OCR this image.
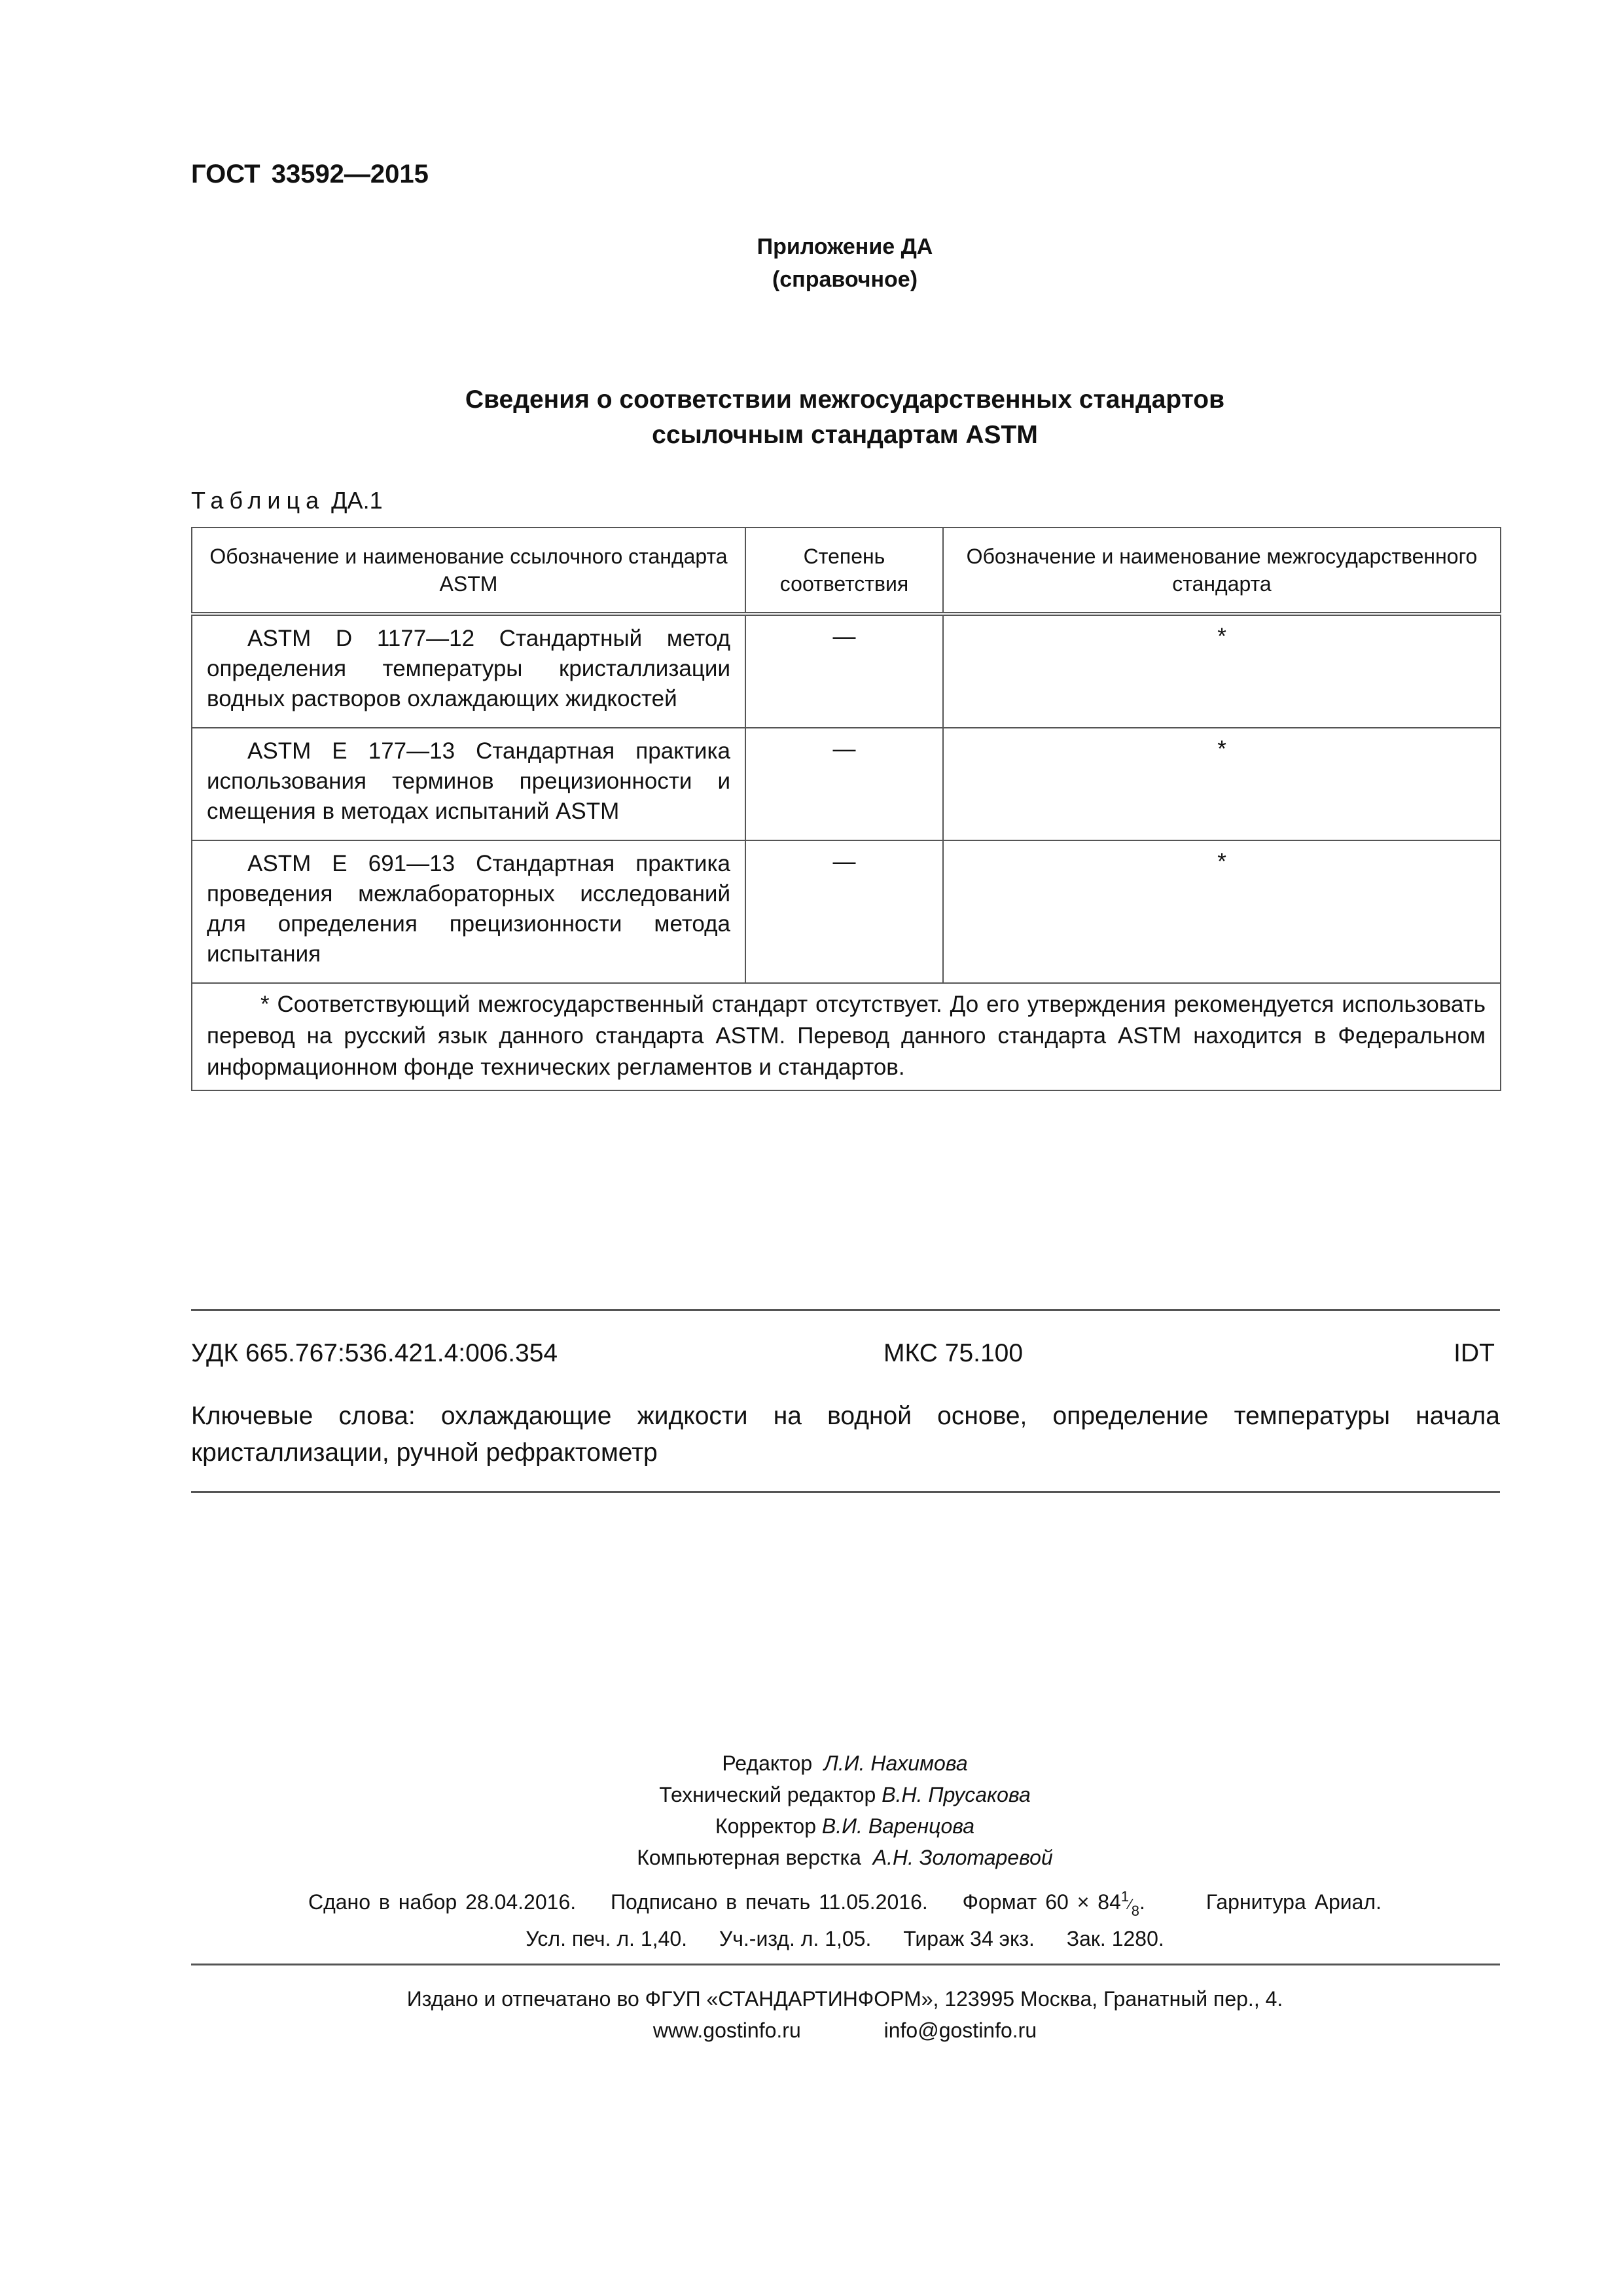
ГОСТ 33592—2015
Приложение ДА
(справочное)
Сведения о соответствии межгосударственных стандартов
ссылочным стандартам ASTM
Таблица ДА.1
Обозначение и наименование ссылочного стандарта ASTM	Степень соответствия	Обозначение и наименование межгосударственного стандарта

ASTM D 1177—12 Стандартный метод определения температуры кристаллизации водных растворов охлаждающих жидкостей	—	*

ASTM E 177—13 Стандартная практика использования терминов прецизионности и смещения в методах испытаний ASTM	—	*

ASTM E 691—13 Стандартная практика проведения межлабораторных исследований для определения прецизионности метода испытания	—	*
* Соответствующий межгосударственный стандарт отсутствует. До его утверждения рекомендуется использовать перевод на русский язык данного стандарта ASTM. Перевод данного стандарта ASTM находится в Федеральном информационном фонде технических регламентов и стандартов.		
УДК 665.767:536.421.4:006.354	МКС 75.100	IDT
Ключевые слова: охлаждающие жидкости на водной основе, определение температуры начала кристаллизации, ручной рефрактометр
Редактор Л.И. Нахимова
Технический редактор В.Н. Прусакова
Корректор В.И. Варенцова
Компьютерная верстка А.Н. Золотаревой
Сдано в набор 28.04.2016. Подписано в печать 11.05.2016. Формат 60 × 841⁄8.	Гарнитура Ариал.
Усл. печ. л. 1,40. Уч.-изд. л. 1,05. Тираж 34 экз. Зак. 1280.
Издано и отпечатано во ФГУП «СТАНДАРТИНФОРМ», 123995 Москва, Гранатный пер., 4.
www.gostinfo.ru	info@gostinfo.ru
